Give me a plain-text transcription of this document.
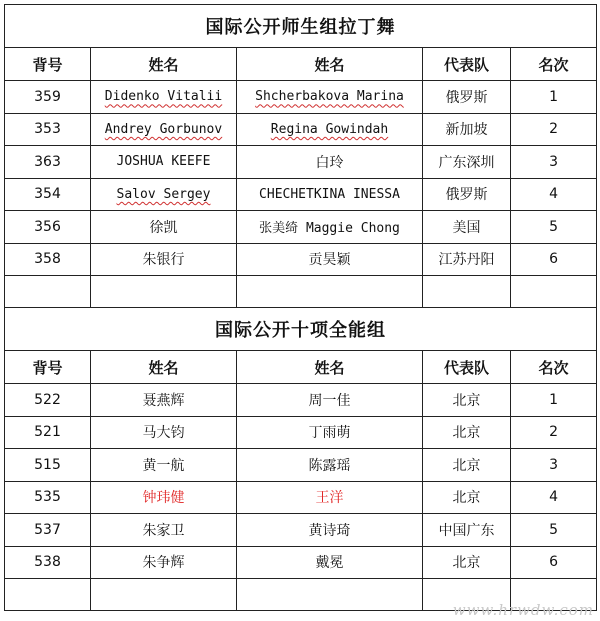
国际公开师生组拉丁舞				
背号	姓名	姓名	代表队	名次
359	Didenko Vitalii	Shcherbakova Marina	俄罗斯	1
353	Andrey Gorbunov	Regina Gowindah	新加坡	2
363	JOSHUA KEEFE	白玲	广东深圳	3
354	Salov Sergey	CHECHETKINA INESSA	俄罗斯	4
356	徐凯	张美绮 Maggie Chong	美国	5
358	朱银行	贡昊颖	江苏丹阳	6

国际公开十项全能组				
背号	姓名	姓名	代表队	名次
522	聂燕辉	周一佳	北京	1
521	马大钧	丁雨萌	北京	2
515	黄一航	陈露瑶	北京	3
535	钟玮健	王洋	北京	4
537	朱家卫	黄诗琦	中国广东	5
538	朱争辉	戴冕	北京	6

www.hrwdw.com
